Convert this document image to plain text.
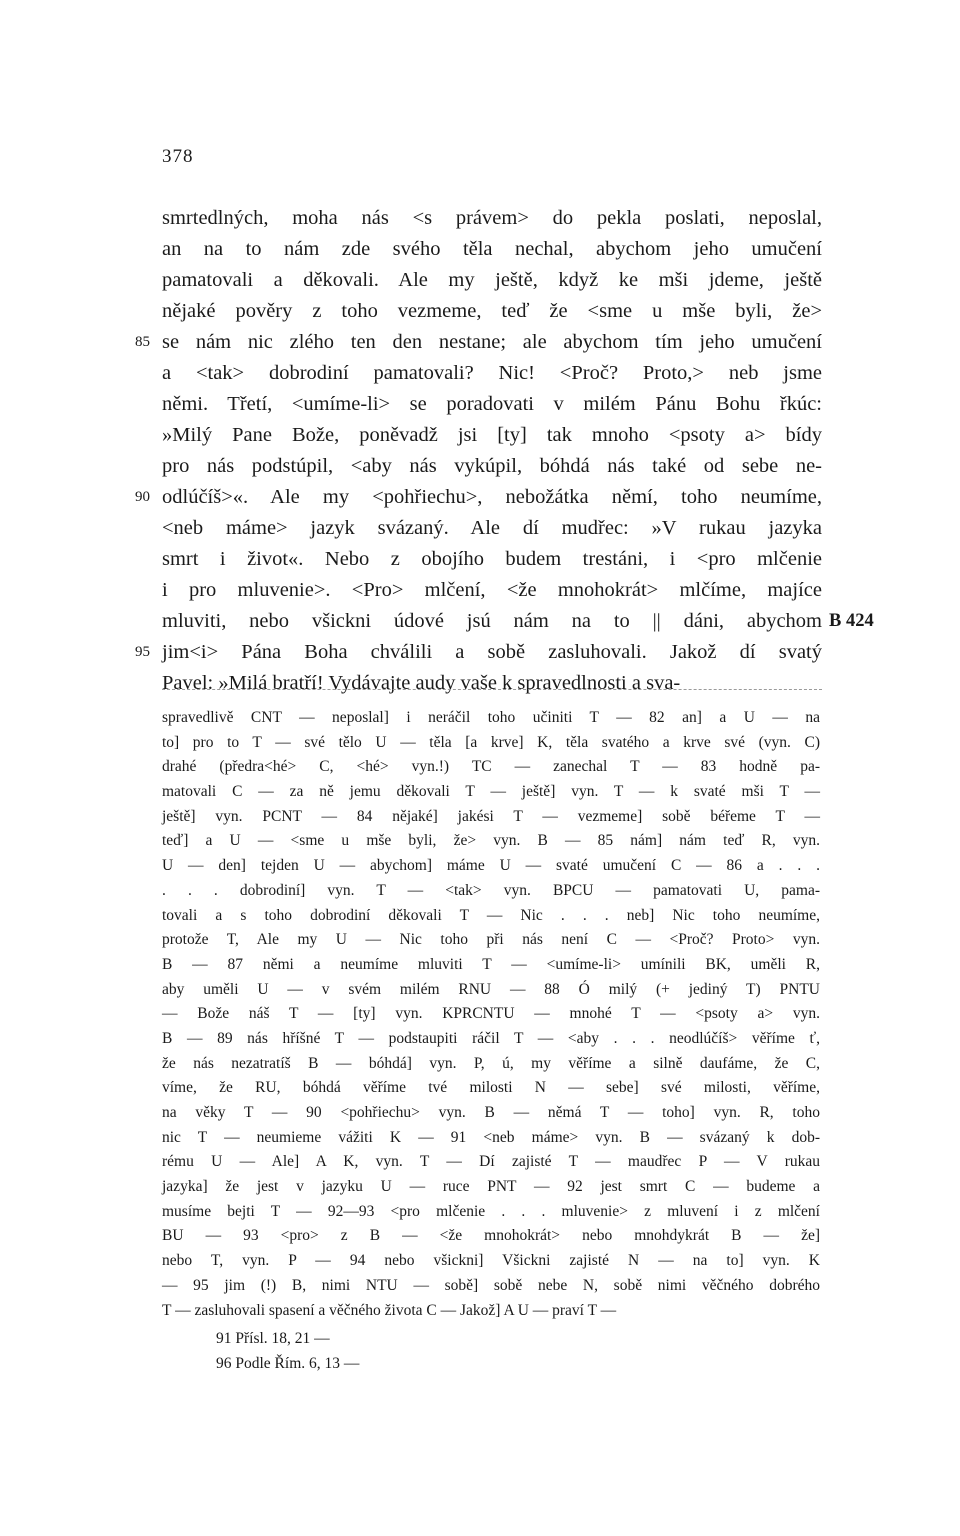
378
smrtedlných, moha nás <s právem> do pekla poslati, neposlal,
an na to nám zde svého těla nechal, abychom jeho umučení
pamatovali a děkovali. Ale my ještě, když ke mši jdeme, ještě
nějaké pověry z toho vezmeme, teď že <sme u mše byli, že>
85 se nám nic zlého ten den nestane; ale abychom tím jeho umučení
a <tak> dobrodiní pamatovali? Nic! <Proč? Proto,> neb jsme
němi. Třetí, <umíme-li> se poradovati v milém Pánu Bohu řkúc:
»Milý Pane Bože, poněvadž jsi [ty] tak mnoho <psoty a> bídy
pro nás podstúpil, <aby nás vykúpil, bóhdá nás také od sebe ne-
90 odlúčíš>«. Ale my <pohřiechu>, nebožátka němí, toho neumíme,
<neb máme> jazyk svázaný. Ale dí mudřec: »V rukau jazyka
smrt i život«. Nebo z obojího budem trestáni, i <pro mlčenie
i pro mluvenie>. <Pro> mlčení, <že mnohokrát> mlčíme, majíce
mluviti, nebo všickni údové jsú nám na to || dáni, abychom B 424
95 jim<i> Pána Boha chválili a sobě zasluhovali. Jakož dí svatý
Pavel: »Milá bratří! Vydávajte audy vaše k spravedlnosti a sva-
spravedlivě CNT — neposlal] i neráčil toho učiniti T — 82 an] a U — na
to] pro to T — své tělo U — těla [a krve] K, těla svatého a krve své (vyn. C)
drahé (předra<hé> C, <hé> vyn.!) TC — zanechal T — 83 hodně pa-
matovali C — za ně jemu děkovali T — ještě] vyn. T — k svaté mši T —
ještě] vyn. PCNT — 84 nějaké] jakési T — vezmeme] sobě béřeme T —
teď] a U — <sme u mše byli, že> vyn. B — 85 nám] nám teď R, vyn.
U — den] tejden U — abychom] máme U — svaté umučení C — 86 a . . .
. . . dobrodiní] vyn. T — <tak> vyn. BPCU — pamatovati U, pama-
tovali a s toho dobrodiní děkovali T — Nic . . . neb] Nic toho neumíme,
protože T, Ale my U — Nic toho při nás není C — <Proč? Proto> vyn.
B — 87 němi a neumíme mluviti T — <umíme-li> umínili BK, uměli R,
aby uměli U — v svém milém RNU — 88 Ó milý (+ jediný T) PNTU
— Bože náš T — [ty] vyn. KPRCNTU — mnohé T — <psoty a> vyn.
B — 89 nás hříšné T — podstaupiti ráčil T — <aby . . . neodlúčíš> věříme ť,
že nás nezatratíš B — bóhdá] vyn. P, ú, my věříme a silně daufáme, že C,
víme, že RU, bóhdá věříme tvé milosti N — sebe] své milosti, věříme,
na věky T — 90 <pohřiechu> vyn. B — němá T — toho] vyn. R, toho
nic T — neumieme vážiti K — 91 <neb máme> vyn. B — svázaný k dob-
rému U — Ale] A K, vyn. T — Dí zajisté T — maudřec P — V rukau
jazyka] že jest v jazyku U — ruce PNT — 92 jest smrt C — budeme a
musíme bejti T — 92—93 <pro mlčenie . . . mluvenie> z mluvení i z mlčení
BU — 93 <pro> z B — <že mnohokrát> nebo mnohdykrát B — že]
nebo T, vyn. P — 94 nebo všickni] Všickni zajisté N — na to] vyn. K
— 95 jim (!) B, nimi NTU — sobě] sobě nebe N, sobě nimi věčného dobrého
T — zasluhovali spasení a věčného života C — Jakož] A U — praví T —
91 Přísl. 18, 21 —
96 Podle Řím. 6, 13 —
